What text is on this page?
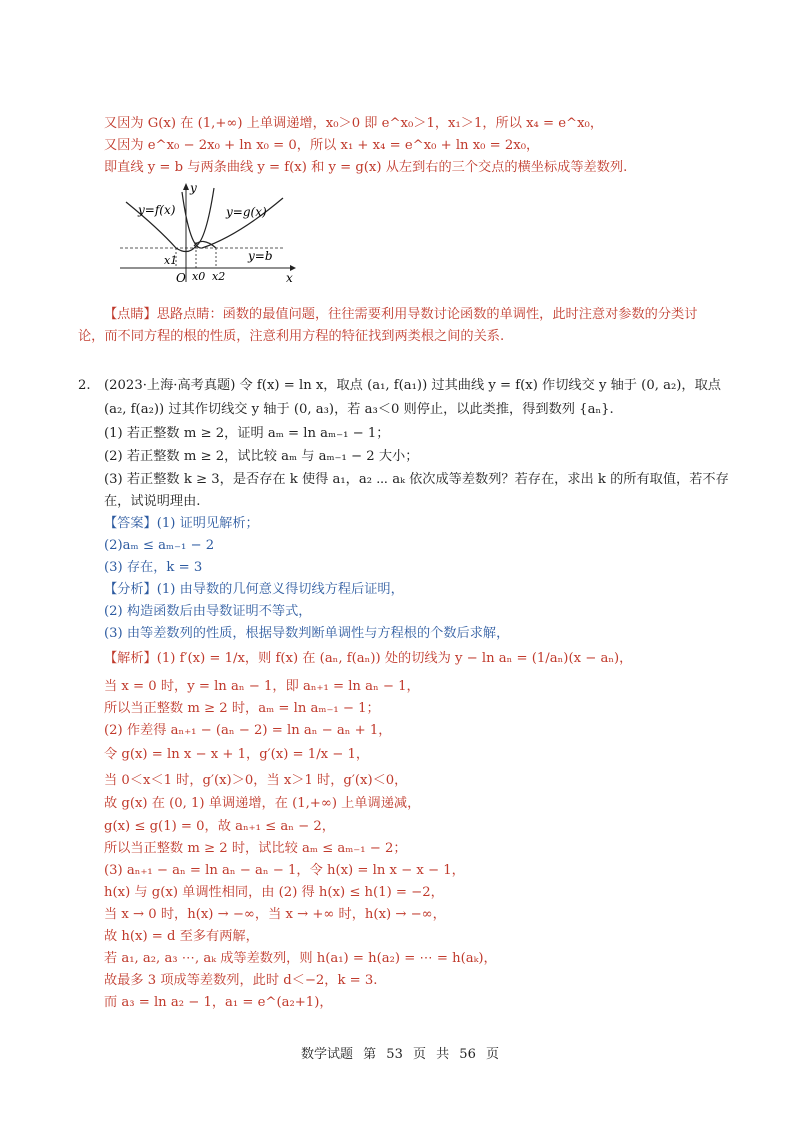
又因为 G(x) 在 (1,+∞) 上单调递增，x₀＞0 即 e^x₀＞1，x₁＞1，所以 x₄ = e^x₀，
又因为 e^x₀ − 2x₀ + ln x₀ = 0，所以 x₁ + x₄ = e^x₀ + ln x₀ = 2x₀，
即直线 y = b 与两条曲线 y = f(x) 和 y = g(x) 从左到右的三个交点的横坐标成等差数列.
y
x
O
y=f(x)	y=g(x)
y=b
x1
x0 x2
【点睛】思路点睛：函数的最值问题，往往需要利用导数讨论函数的单调性，此时注意对参数的分类讨
论，而不同方程的根的性质，注意利用方程的特征找到两类根之间的关系.
2. (2023·上海·高考真题) 令 f(x) = ln x，取点 (a₁, f(a₁)) 过其曲线 y = f(x) 作切线交 y 轴于 (0, a₂)，取点
(a₂, f(a₂)) 过其作切线交 y 轴于 (0, a₃)，若 a₃＜0 则停止，以此类推，得到数列 {aₙ}.
(1) 若正整数 m ≥ 2，证明 aₘ = ln aₘ₋₁ − 1；
(2) 若正整数 m ≥ 2，试比较 aₘ 与 aₘ₋₁ − 2 大小；
(3) 若正整数 k ≥ 3，是否存在 k 使得 a₁，a₂ ⋯ aₖ 依次成等差数列？若存在，求出 k 的所有取值，若不存
在，试说明理由.
【答案】(1) 证明见解析；
(2)aₘ ≤ aₘ₋₁ − 2
(3) 存在，k = 3
【分析】(1) 由导数的几何意义得切线方程后证明，
(2) 构造函数后由导数证明不等式，
(3) 由等差数列的性质，根据导数判断单调性与方程根的个数后求解，
【解析】(1) f′(x) = 1/x，则 f(x) 在 (aₙ, f(aₙ)) 处的切线为 y − ln aₙ = (1/aₙ)(x − aₙ)，
当 x = 0 时，y = ln aₙ − 1，即 aₙ₊₁ = ln aₙ − 1，
所以当正整数 m ≥ 2 时，aₘ = ln aₘ₋₁ − 1；
(2) 作差得 aₙ₊₁ − (aₙ − 2) = ln aₙ − aₙ + 1，
令 g(x) = ln x − x + 1，g′(x) = 1/x − 1，
当 0＜x＜1 时，g′(x)＞0，当 x＞1 时，g′(x)＜0，
故 g(x) 在 (0, 1) 单调递增，在 (1,+∞) 上单调递减，
g(x) ≤ g(1) = 0，故 aₙ₊₁ ≤ aₙ − 2，
所以当正整数 m ≥ 2 时，试比较 aₘ ≤ aₘ₋₁ − 2；
(3) aₙ₊₁ − aₙ = ln aₙ − aₙ − 1，令 h(x) = ln x − x − 1，
h(x) 与 g(x) 单调性相同，由 (2) 得 h(x) ≤ h(1) = −2，
当 x → 0 时，h(x) → −∞，当 x → +∞ 时，h(x) → −∞，
故 h(x) = d 至多有两解，
若 a₁, a₂, a₃ ⋯, aₖ 成等差数列，则 h(a₁) = h(a₂) = ⋯ = h(aₖ)，
故最多 3 项成等差数列，此时 d＜−2，k = 3.
而 a₃ = ln a₂ − 1，a₁ = e^(a₂+1)，
数学试题 第 53 页 共 56 页
